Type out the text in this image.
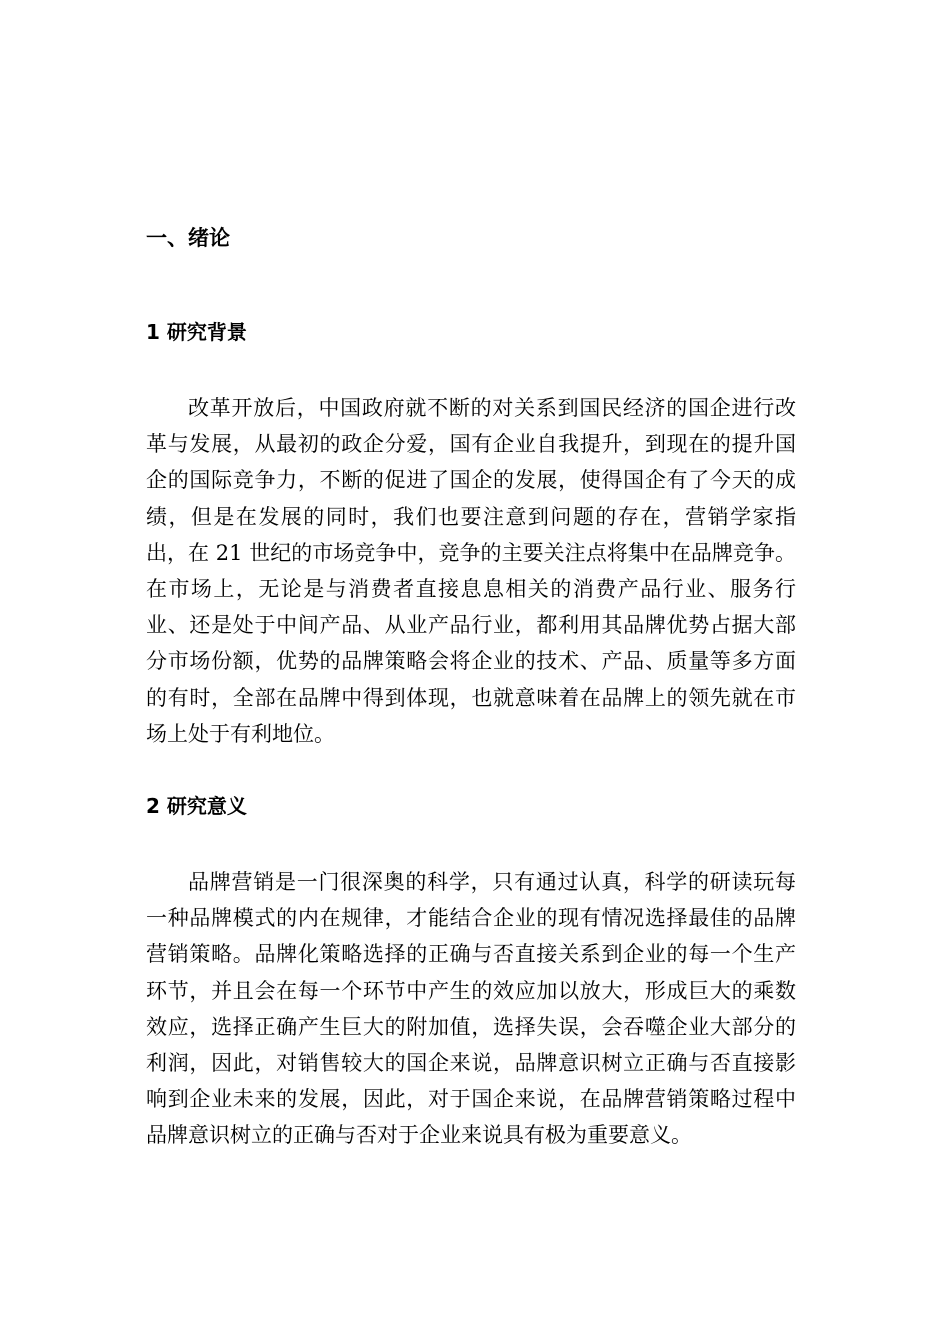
一、绪论
1 研究背景

改革开放后，中国政府就不断的对关系到国民经济的国企进行改革与发展，从最初的政企分爱，国有企业自我提升，到现在的提升国企的国际竞争力，不断的促进了国企的发展，使得国企有了今天的成绩，但是在发展的同时，我们也要注意到问题的存在，营销学家指出，在 21 世纪的市场竞争中，竞争的主要关注点将集中在品牌竞争。在市场上，无论是与消费者直接息息相关的消费产品行业、服务行业、还是处于中间产品、从业产品行业，都利用其品牌优势占据大部分市场份额，优势的品牌策略会将企业的技术、产品、质量等多方面的有时，全部在品牌中得到体现，也就意味着在品牌上的领先就在市场上处于有利地位。

2 研究意义

品牌营销是一门很深奥的科学，只有通过认真，科学的研读玩每一种品牌模式的内在规律，才能结合企业的现有情况选择最佳的品牌营销策略。品牌化策略选择的正确与否直接关系到企业的每一个生产环节，并且会在每一个环节中产生的效应加以放大，形成巨大的乘数效应，选择正确产生巨大的附加值，选择失误，会吞噬企业大部分的利润，因此，对销售较大的国企来说，品牌意识树立正确与否直接影响到企业未来的发展，因此，对于国企来说，在品牌营销策略过程中品牌意识树立的正确与否对于企业来说具有极为重要意义。
